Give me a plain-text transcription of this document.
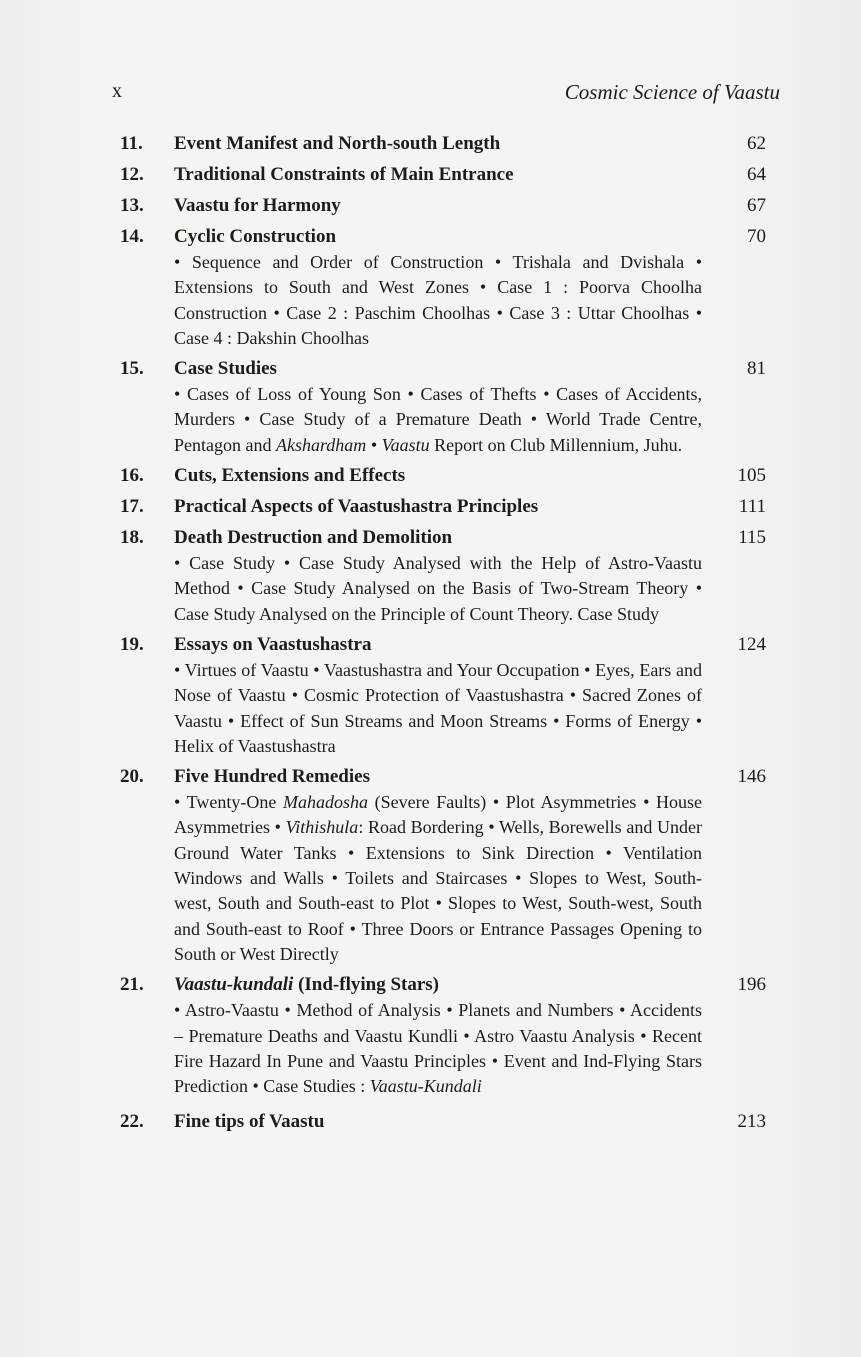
x	Cosmic Science of Vaastu
11. Event Manifest and North-south Length	62
12. Traditional Constraints of Main Entrance	64
13. Vaastu for Harmony	67
14. Cyclic Construction	70
• Sequence and Order of Construction • Trishala and Dvishala • Extensions to South and West Zones • Case 1 : Poorva Choolha Construction • Case 2 : Paschim Choolhas • Case 3 : Uttar Choolhas • Case 4 : Dakshin Choolhas
15. Case Studies	81
• Cases of Loss of Young Son • Cases of Thefts • Cases of Accidents, Murders • Case Study of a Premature Death • World Trade Centre, Pentagon and Akshardham • Vaastu Report on Club Millennium, Juhu.
16. Cuts, Extensions and Effects	105
17. Practical Aspects of Vaastushastra Principles	111
18. Death Destruction and Demolition	115
• Case Study • Case Study Analysed with the Help of Astro-Vaastu Method • Case Study Analysed on the Basis of Two-Stream Theory • Case Study Analysed on the Principle of Count Theory. Case Study
19. Essays on Vaastushastra	124
• Virtues of Vaastu • Vaastushastra and Your Occupation • Eyes, Ears and Nose of Vaastu • Cosmic Protection of Vaastushastra • Sacred Zones of Vaastu • Effect of Sun Streams and Moon Streams • Forms of Energy • Helix of Vaastushastra
20. Five Hundred Remedies	146
• Twenty-One Mahadosha (Severe Faults) • Plot Asymmetries • House Asymmetries • Vithishula: Road Bordering • Wells, Borewells and Under Ground Water Tanks • Extensions to Sink Direction • Ventilation Windows and Walls • Toilets and Staircases • Slopes to West, South-west, South and South-east to Plot • Slopes to West, South-west, South and South-east to Roof • Three Doors or Entrance Passages Opening to South or West Directly
21. Vaastu-kundali (Ind-flying Stars)	196
• Astro-Vaastu • Method of Analysis • Planets and Numbers • Accidents – Premature Deaths and Vaastu Kundli • Astro Vaastu Analysis • Recent Fire Hazard In Pune and Vaastu Principles • Event and Ind-Flying Stars Prediction • Case Studies : Vaastu-Kundali
22. Fine tips of Vaastu	213
